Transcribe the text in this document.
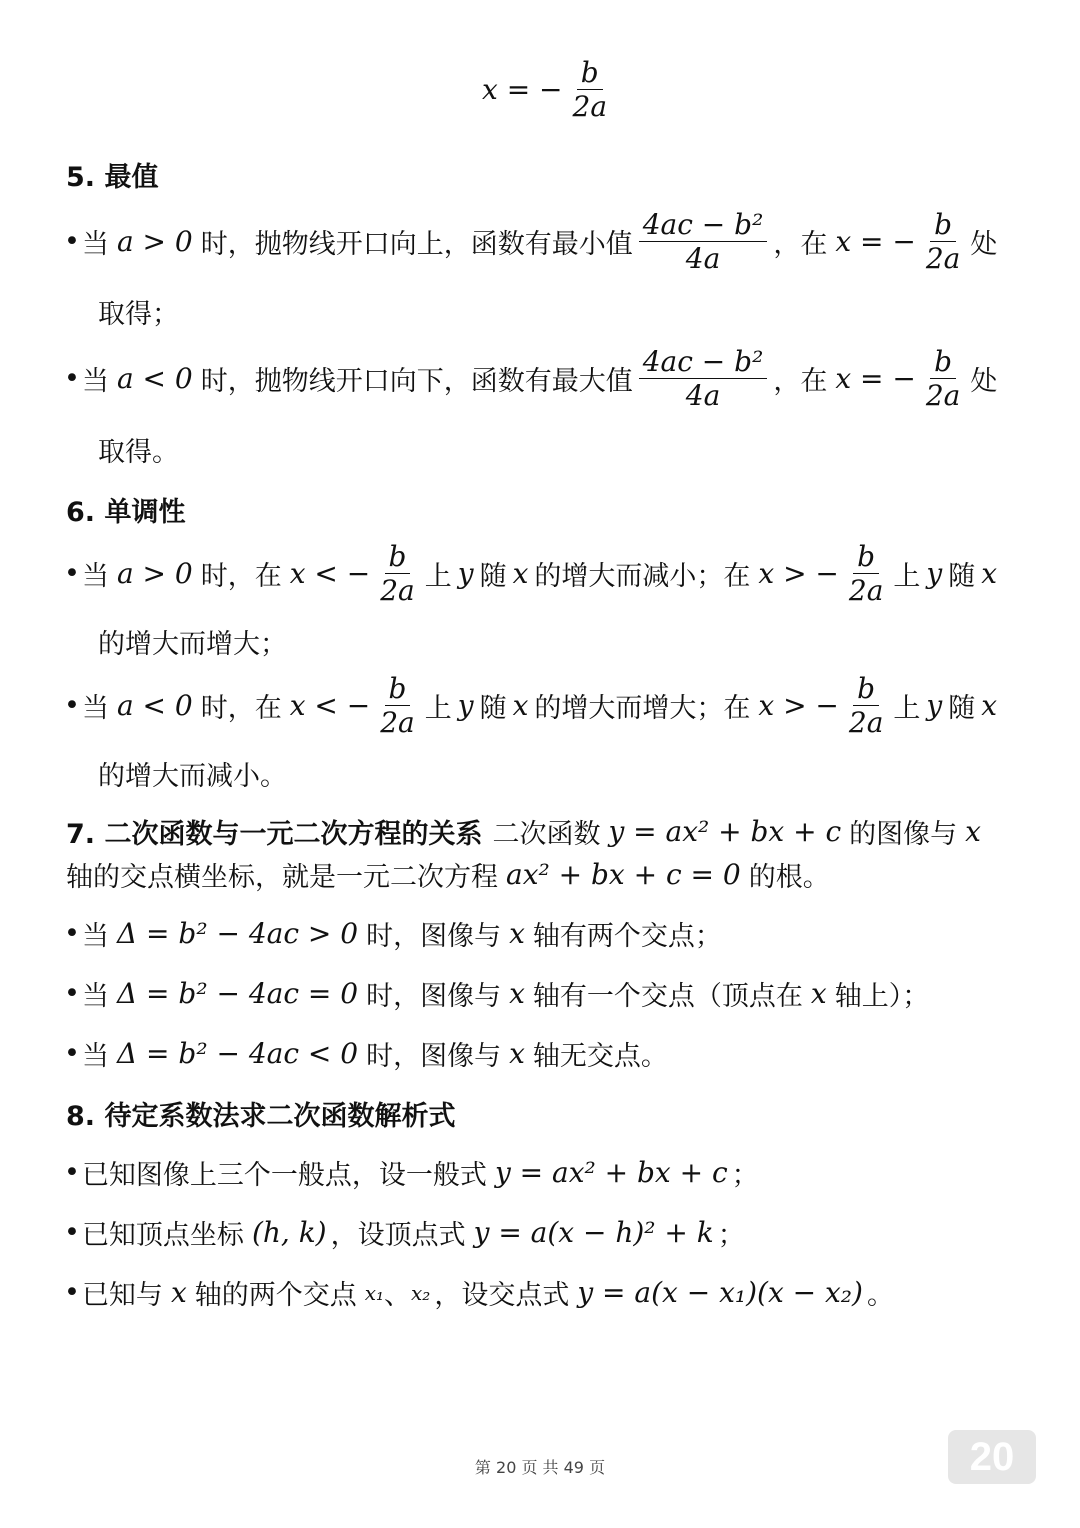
x = − $\frac{b}{2a}$
5. 最值
• 当 a > 0 时，抛物线开口向上，函数有最小值 $\frac{\text{4ac − b²}}{4a}$ ，在 x = − $\frac{b}{2a}$ 处
取得；
• 当 a < 0 时，抛物线开口向下，函数有最大值 $\frac{\text{4ac − b²}}{4a}$ ，在 x = − $\frac{b}{2a}$ 处
取得。
6. 单调性
• 当 a > 0 时，在 x < − $\frac{b}{2a}$ 上 y 随 x 的增大而减小；在 x > − $\frac{b}{2a}$ 上 y 随 x
的增大而增大；
• 当 a < 0 时，在 x < − $\frac{b}{2a}$ 上 y 随 x 的增大而增大；在 x > − $\frac{b}{2a}$ 上 y 随 x
的增大而减小。
7. 二次函数与一元二次方程的关系 二次函数 y = ax² + bx + c 的图像与 x
轴的交点横坐标，就是一元二次方程 ax² + bx + c = 0 的根。
• 当 Δ = b² − 4ac > 0 时，图像与 x 轴有两个交点；
• 当 Δ = b² − 4ac = 0 时，图像与 x 轴有一个交点（顶点在 x 轴上）；
• 当 Δ = b² − 4ac < 0 时，图像与 x 轴无交点。
8. 待定系数法求二次函数解析式
• 已知图像上三个一般点，设一般式 y = ax² + bx + c ；
• 已知顶点坐标 (h, k) ，设顶点式 y = a(x − h)² + k ；
• 已知与 x 轴的两个交点 x₁ 、 x₂ ，设交点式 y = a(x − x₁)(x − x₂) 。
第 20 页 共 49 页	20
